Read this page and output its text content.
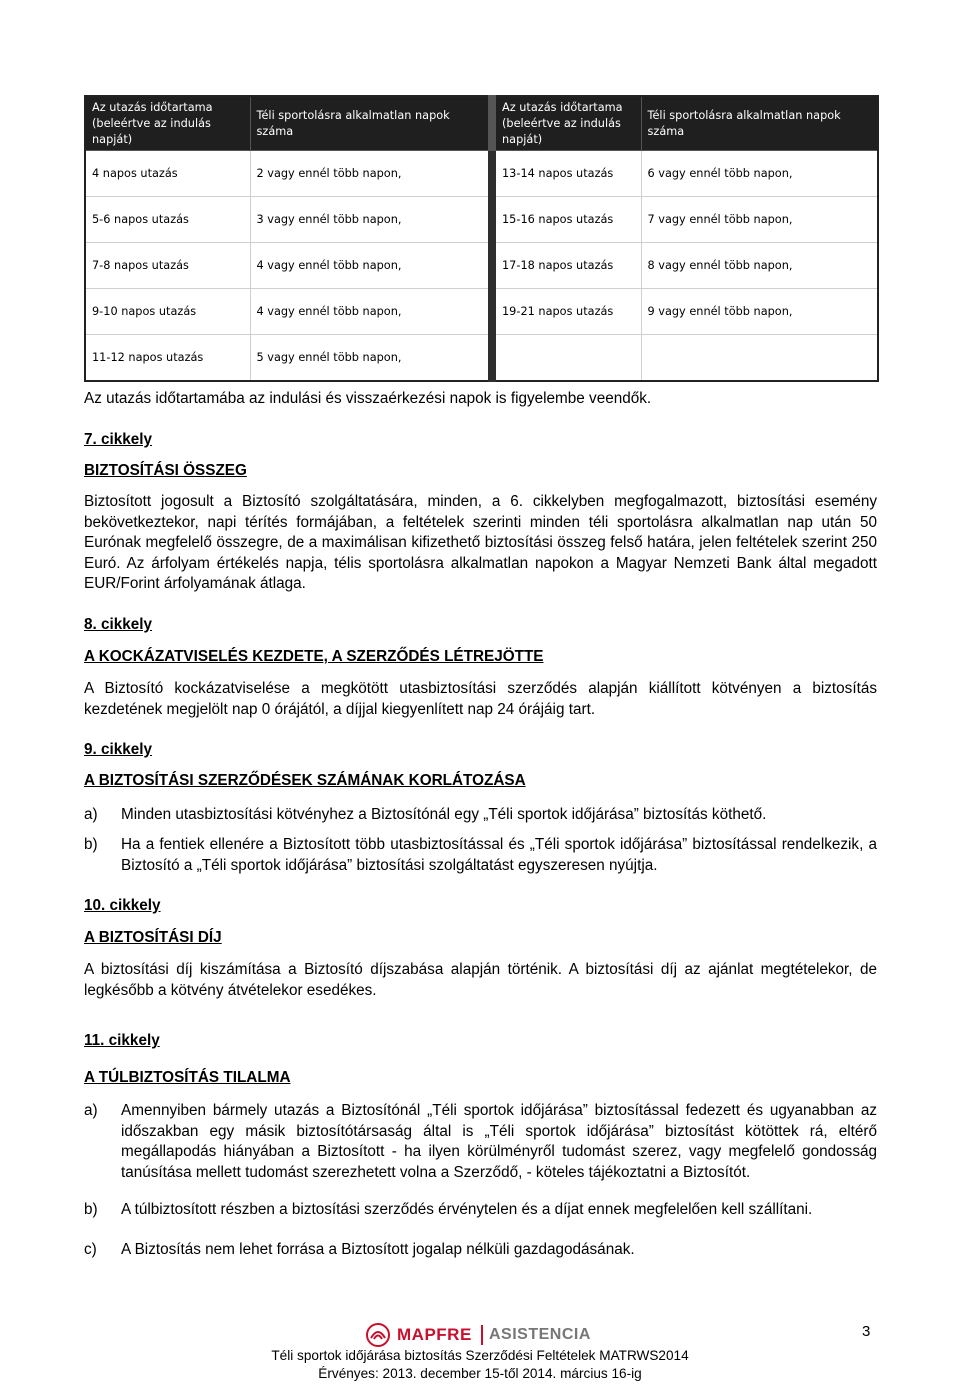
Az utazás időtartama (beleértve az indulás napját)	Téli sportolásra alkalmatlan napok száma	Az utazás időtartama (beleértve az indulás napját)	Téli sportolásra alkalmatlan napok száma
4 napos utazás	2 vagy ennél több napon,	13-14 napos utazás	6 vagy ennél több napon,
5-6 napos utazás	3 vagy ennél több napon,	15-16 napos utazás	7 vagy ennél több napon,
7-8 napos utazás	4 vagy ennél több napon,	17-18 napos utazás	8 vagy ennél több napon,
9-10 napos utazás	4 vagy ennél több napon,	19-21 napos utazás	9 vagy ennél több napon,
11-12 napos utazás	5 vagy ennél több napon,		
Az utazás időtartamába az indulási és visszaérkezési napok is figyelembe veendők.
7. cikkely
BIZTOSÍTÁSI ÖSSZEG
Biztosított jogosult a Biztosító szolgáltatására, minden, a 6. cikkelyben megfogalmazott, biztosítási esemény bekövetkeztekor, napi térítés formájában, a feltételek szerinti minden téli sportolásra alkalmatlan nap után 50 Eurónak megfelelő összegre, de a maximálisan kifizethető biztosítási összeg felső határa, jelen feltételek szerint 250 Euró. Az árfolyam értékelés napja, télis sportolásra alkalmatlan napokon a Magyar Nemzeti Bank által megadott EUR/Forint árfolyamának átlaga.
8. cikkely
A KOCKÁZATVISELÉS KEZDETE, A SZERZŐDÉS LÉTREJÖTTE
A Biztosító kockázatviselése a megkötött utasbiztosítási szerződés alapján kiállított kötvényen a biztosítás kezdetének megjelölt nap 0 órájától, a díjjal kiegyenlített nap 24 órájáig tart.
9. cikkely
A BIZTOSÍTÁSI SZERZŐDÉSEK SZÁMÁNAK KORLÁTOZÁSA
a) Minden utasbiztosítási kötvényhez a Biztosítónál egy „Téli sportok időjárása” biztosítás köthető.
b) Ha a fentiek ellenére a Biztosított több utasbiztosítással és „Téli sportok időjárása” biztosítással rendelkezik, a Biztosító a „Téli sportok időjárása” biztosítási szolgáltatást egyszeresen nyújtja.
10. cikkely
A BIZTOSÍTÁSI DÍJ
A biztosítási díj kiszámítása a Biztosító díjszabása alapján történik. A biztosítási díj az ajánlat megtételekor, de legkésőbb a kötvény átvételekor esedékes.
11. cikkely
A TÚLBIZTOSÍTÁS TILALMA
a) Amennyiben bármely utazás a Biztosítónál „Téli sportok időjárása” biztosítással fedezett és ugyanabban az időszakban egy másik biztosítótársaság által is „Téli sportok időjárása” biztosítást kötöttek rá, eltérő megállapodás hiányában a Biztosított - ha ilyen körülményről tudomást szerez, vagy megfelelő gondosság tanúsítása mellett tudomást szerezhetett volna a Szerződő, - köteles tájékoztatni a Biztosítót.
b) A túlbiztosított részben a biztosítási szerződés érvénytelen és a díjat ennek megfelelően kell szállítani.
c) A Biztosítás nem lehet forrása a Biztosított jogalap nélküli gazdagodásának.
MAPFRE ASISTENCIA	3
Téli sportok időjárása biztosítás Szerződési Feltételek MATRWS2014
Érvényes: 2013. december 15-től 2014. március 16-ig
